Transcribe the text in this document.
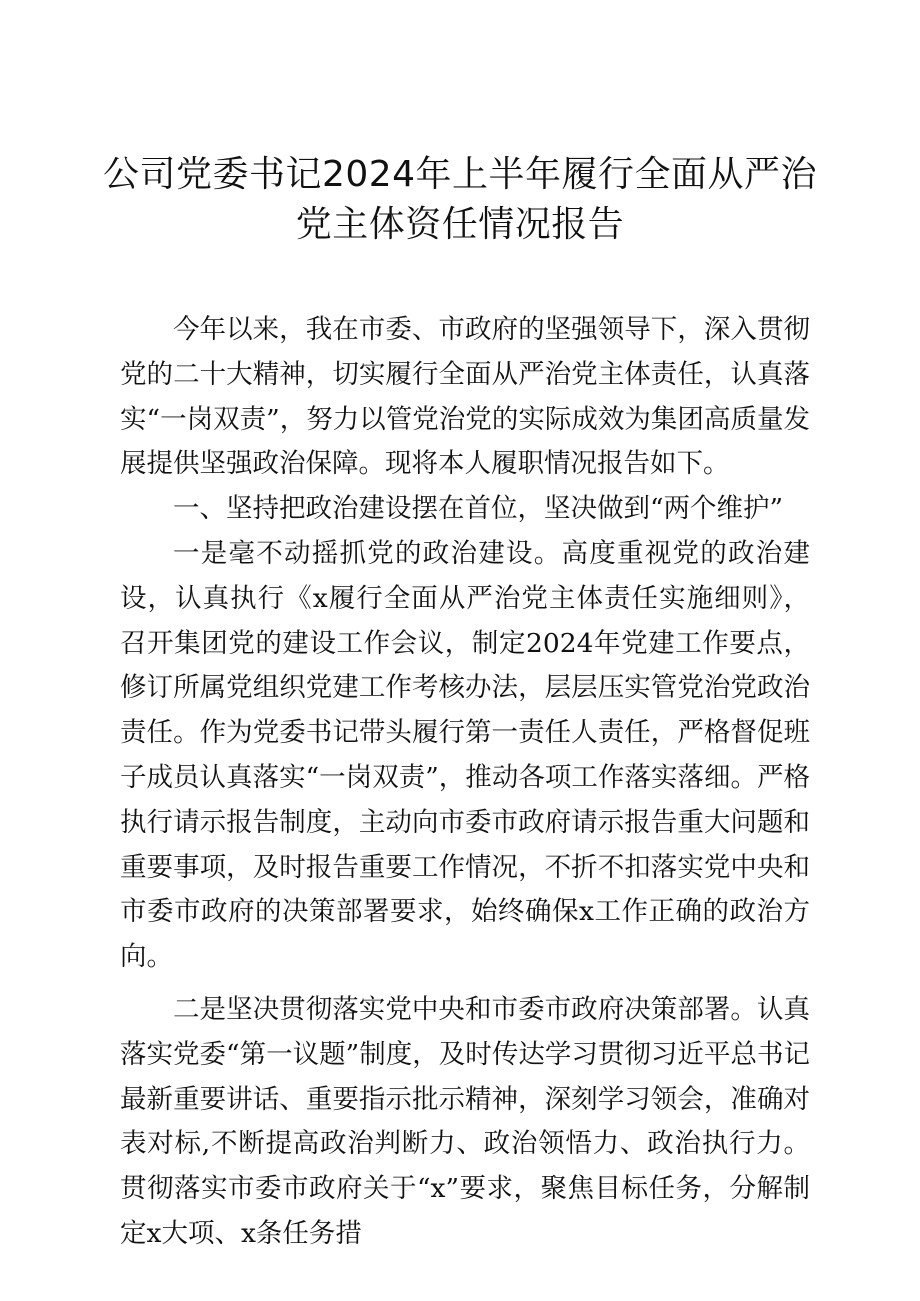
公司党委书记2024年上半年履行全面从严治
党主体资任情况报告

今年以来，我在市委、市政府的坚强领导下，深入贯彻党的二十大精神，切实履行全面从严治党主体责任，认真落实“一岗双责”，努力以管党治党的实际成效为集团高质量发展提供坚强政治保障。现将本人履职情况报告如下。

一、坚持把政治建设摆在首位，坚决做到“两个维护”

一是毫不动摇抓党的政治建设。高度重视党的政治建设，认真执行《x履行全面从严治党主体责任实施细则》，召开集团党的建设工作会议，制定2024年党建工作要点，修订所属党组织党建工作考核办法，层层压实管党治党政治责任。作为党委书记带头履行第一责任人责任，严格督促班子成员认真落实“一岗双责”，推动各项工作落实落细。严格执行请示报告制度，主动向市委市政府请示报告重大问题和重要事项，及时报告重要工作情况，不折不扣落实党中央和市委市政府的决策部署要求，始终确保x工作正确的政治方向。

二是坚决贯彻落实党中央和市委市政府决策部署。认真落实党委“第一议题”制度，及时传达学习贯彻习近平总书记最新重要讲话、重要指示批示精神，深刻学习领会，准确对表对标,不断提高政治判断力、政治领悟力、政治执行力。贯彻落实市委市政府关于“x”要求，聚焦目标任务，分解制定x大项、x条任务措
